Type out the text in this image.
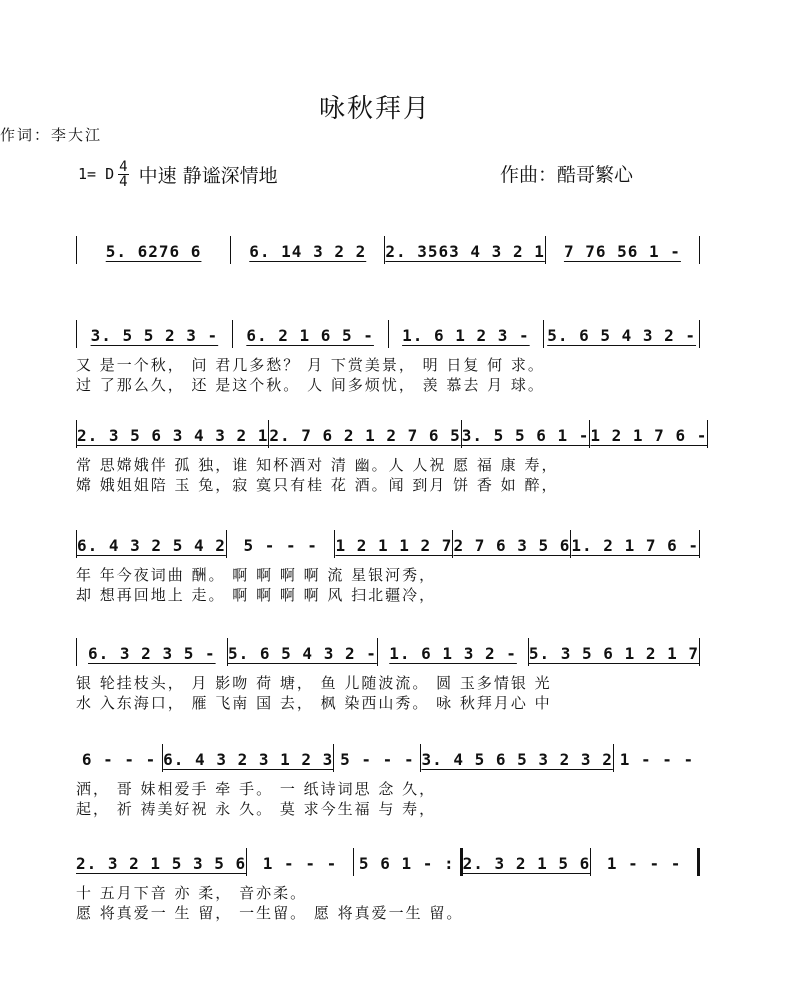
咏秋拜月
作词：李大江
作曲：酷哥繁心
1= D $\frac{4}{4}$ 中速 静谧深情地
5. 6276 6	6. 14 3 2 2	2. 3563 4 3 2 1	7 76 56 1 -
3. 5 5 2 3 -	6. 2 1 6 5 -	1. 6 1 2 3 -	5. 6 5 4 3 2 -
又 是一个秋， 问 君几多愁？ 月 下赏美景， 明 日复 何 求。
过 了那么久， 还 是这个秋。 人 间多烦忧， 羡 慕去 月 球。
2. 3 5 6 3 4 3 2 1 2. 7 6 2 1 2 7 6 5 3. 5 5 6 1 - 1 2 1 7 6 -
常 思嫦娥伴 孤 独，谁 知杯酒对 清 幽。人 人祝 愿 福 康 寿，
嫦 娥姐姐陪 玉 兔，寂 寞只有桂 花 酒。闻 到月 饼 香 如 醉，
6. 4 3 2 5 4 2	5 - - -	1 2 1 1 2 7 2 7 6 3 5 6 1. 2 1 7 6 -
年 年今夜词曲 酬。 啊 啊 啊 啊 流 星银河秀，
却 想再回地上 走。 啊 啊 啊 啊 风 扫北疆冷，
6. 3 2 3 5 - 5. 6 5 4 3 2 - 1. 6 1 3 2 - 5. 3 5 6 1 2 1 7
银 轮挂枝头， 月 影吻 荷 塘， 鱼 儿随波流。 圆 玉多情银 光
水 入东海口， 雁 飞南 国 去， 枫 染西山秀。 咏 秋拜月心 中
6 - - - 6. 4 3 2 3 1 2 3 5 - - - 3. 4 5 6 5 3 2 3 2 1 - - -
洒， 哥 妹相爱手 牵 手。 一 纸诗词思 念 久，
起， 祈 祷美好祝 永 久。 莫 求今生福 与 寿，
2. 3 2 1 5 3 5 6	1 - - -	5 6 1 - : 2. 3 2 1 5 6	1 - - -
十 五月下音 亦 柔， 音亦柔。
愿 将真爱一 生 留， 一生留。 愿 将真爱一生 留。
